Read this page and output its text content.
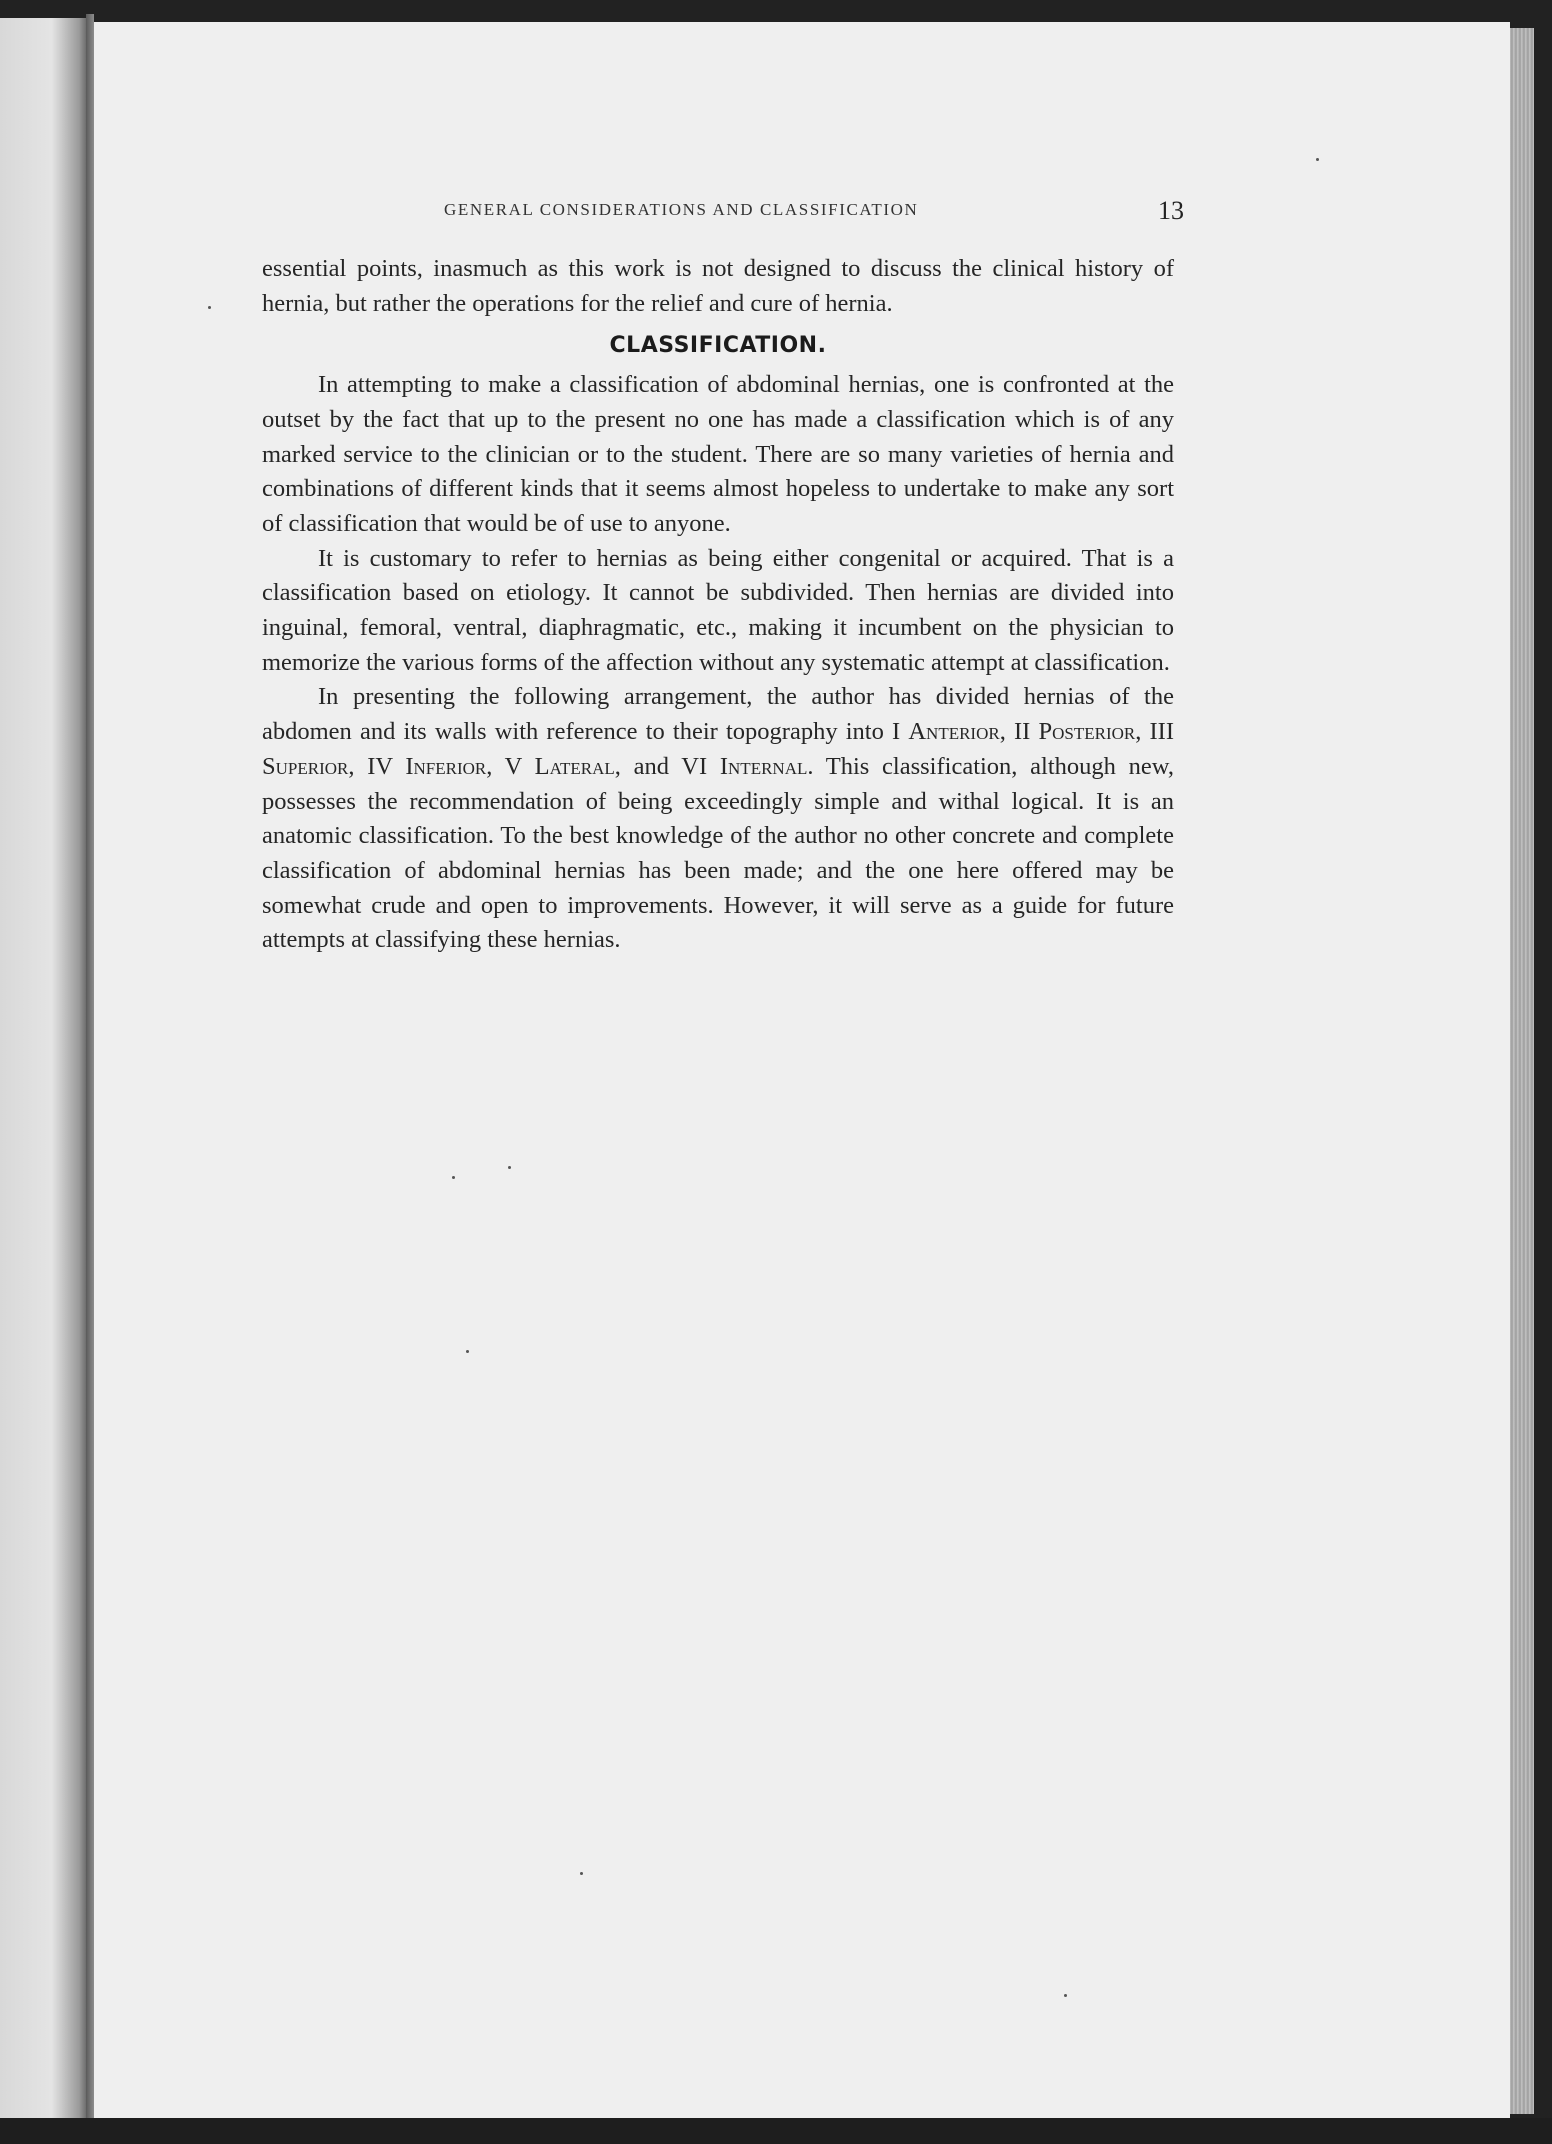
GENERAL CONSIDERATIONS AND CLASSIFICATION	13

essential points, inasmuch as this work is not designed to discuss the clinical history of hernia, but rather the operations for the relief and cure of hernia.

CLASSIFICATION.

In attempting to make a classification of abdominal hernias, one is confronted at the outset by the fact that up to the present no one has made a classification which is of any marked service to the clinician or to the student. There are so many varieties of hernia and combinations of different kinds that it seems almost hopeless to undertake to make any sort of classification that would be of use to anyone.

It is customary to refer to hernias as being either congenital or acquired. That is a classification based on etiology. It cannot be subdivided. Then hernias are divided into inguinal, femoral, ventral, diaphragmatic, etc., making it incumbent on the physician to memorize the various forms of the affection without any systematic attempt at classification.

In presenting the following arrangement, the author has divided hernias of the abdomen and its walls with reference to their topography into I Anterior, II Posterior, III Superior, IV Inferior, V Lateral, and VI Internal. This classification, although new, possesses the recommendation of being exceedingly simple and withal logical. It is an anatomic classification. To the best knowledge of the author no other concrete and complete classification of abdominal hernias has been made; and the one here offered may be somewhat crude and open to improvements. However, it will serve as a guide for future attempts at classifying these hernias.
